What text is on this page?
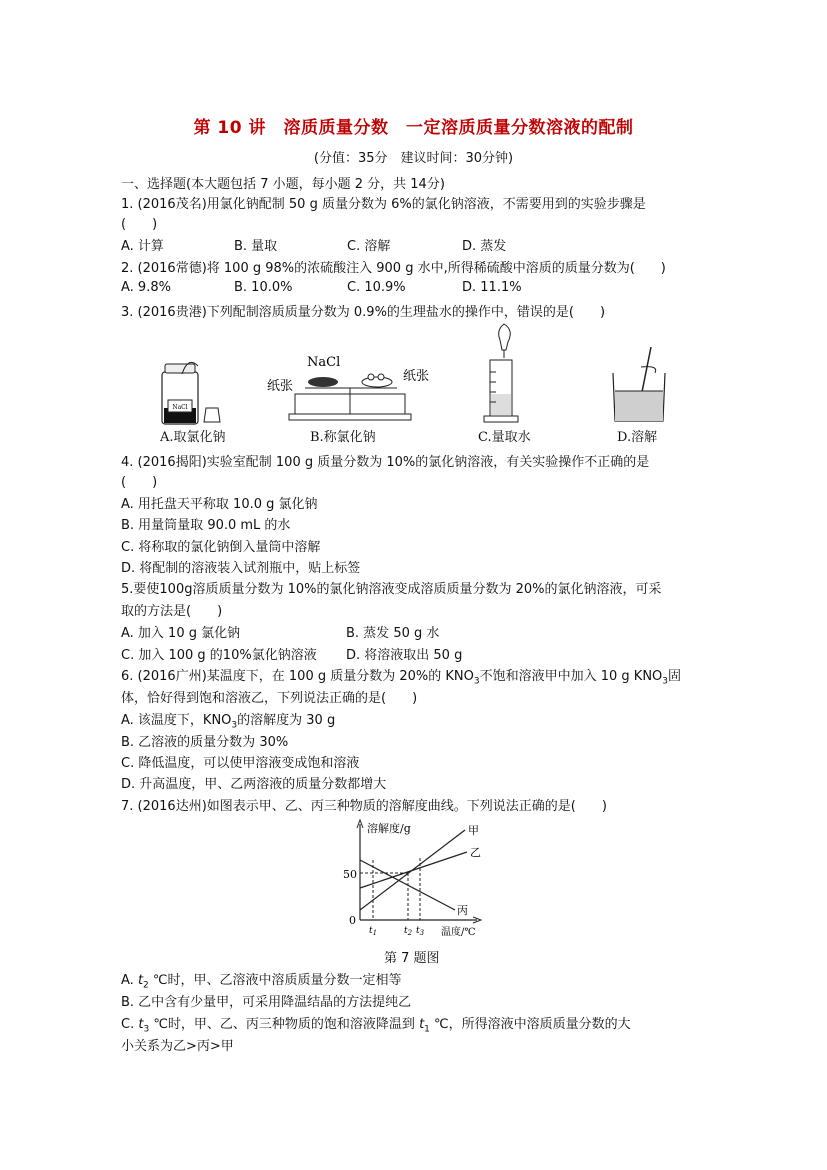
第 10 讲　溶质质量分数　一定溶质质量分数溶液的配制
(分值：35分　建议时间：30分钟)
一、选择题(本大题包括 7 小题，每小题 2 分，共 14分)
1. (2016茂名)用氯化钠配制 50 g 质量分数为 6%的氯化钠溶液，不需要用到的实验步骤是
(　　)
A. 计算	B. 量取	C. 溶解	D. 蒸发
2. (2016常德)将 100 g 98%的浓硫酸注入 900 g 水中,所得稀硫酸中溶质的质量分数为(　　)
A. 9.8%	B. 10.0%	C. 10.9%	D. 11.1%
3. (2016贵港)下列配制溶质质量分数为 0.9%的生理盐水的操作中，错误的是(　　)
NaCl
NaCl
纸张
纸张
A.取氯化钠	B.称氯化钠	C.量取水	D.溶解
4. (2016揭阳)实验室配制 100 g 质量分数为 10%的氯化钠溶液，有关实验操作不正确的是
(　　)
A. 用托盘天平称取 10.0 g 氯化钠
B. 用量筒量取 90.0 mL 的水
C. 将称取的氯化钠倒入量筒中溶解
D. 将配制的溶液装入试剂瓶中，贴上标签
5.要使100g溶质质量分数为 10%的氯化钠溶液变成溶质质量分数为 20%的氯化钠溶液，可采
取的方法是(　　)
A. 加入 10 g 氯化钠	B. 蒸发 50 g 水
C. 加入 100 g 的10%氯化钠溶液 D. 将溶液取出 50 g
6. (2016广州)某温度下，在 100 g 质量分数为 20%的 $KNO_3$不饱和溶液甲中加入 10 g $KNO_3$固
体，恰好得到饱和溶液乙，下列说法正确的是(　　)
A. 该温度下，$KNO_3$的溶解度为 30 g
B. 乙溶液的质量分数为 30%
C. 降低温度，可以使甲溶液变成饱和溶液
D. 升高温度，甲、乙两溶液的质量分数都增大
7. (2016达州)如图表示甲、乙、丙三种物质的溶解度曲线。下列说法正确的是(　　)
溶解度/g
温度/℃
50
0
甲
乙
丙
$t_1$	$t_2$ $t_3$
第 7 题图
A. $t_2$ ℃时，甲、乙溶液中溶质质量分数一定相等
B. 乙中含有少量甲，可采用降温结晶的方法提纯乙
C. $t_3$ ℃时，甲、乙、丙三种物质的饱和溶液降温到 $t_1$ ℃，所得溶液中溶质质量分数的大
小关系为乙>丙>甲
